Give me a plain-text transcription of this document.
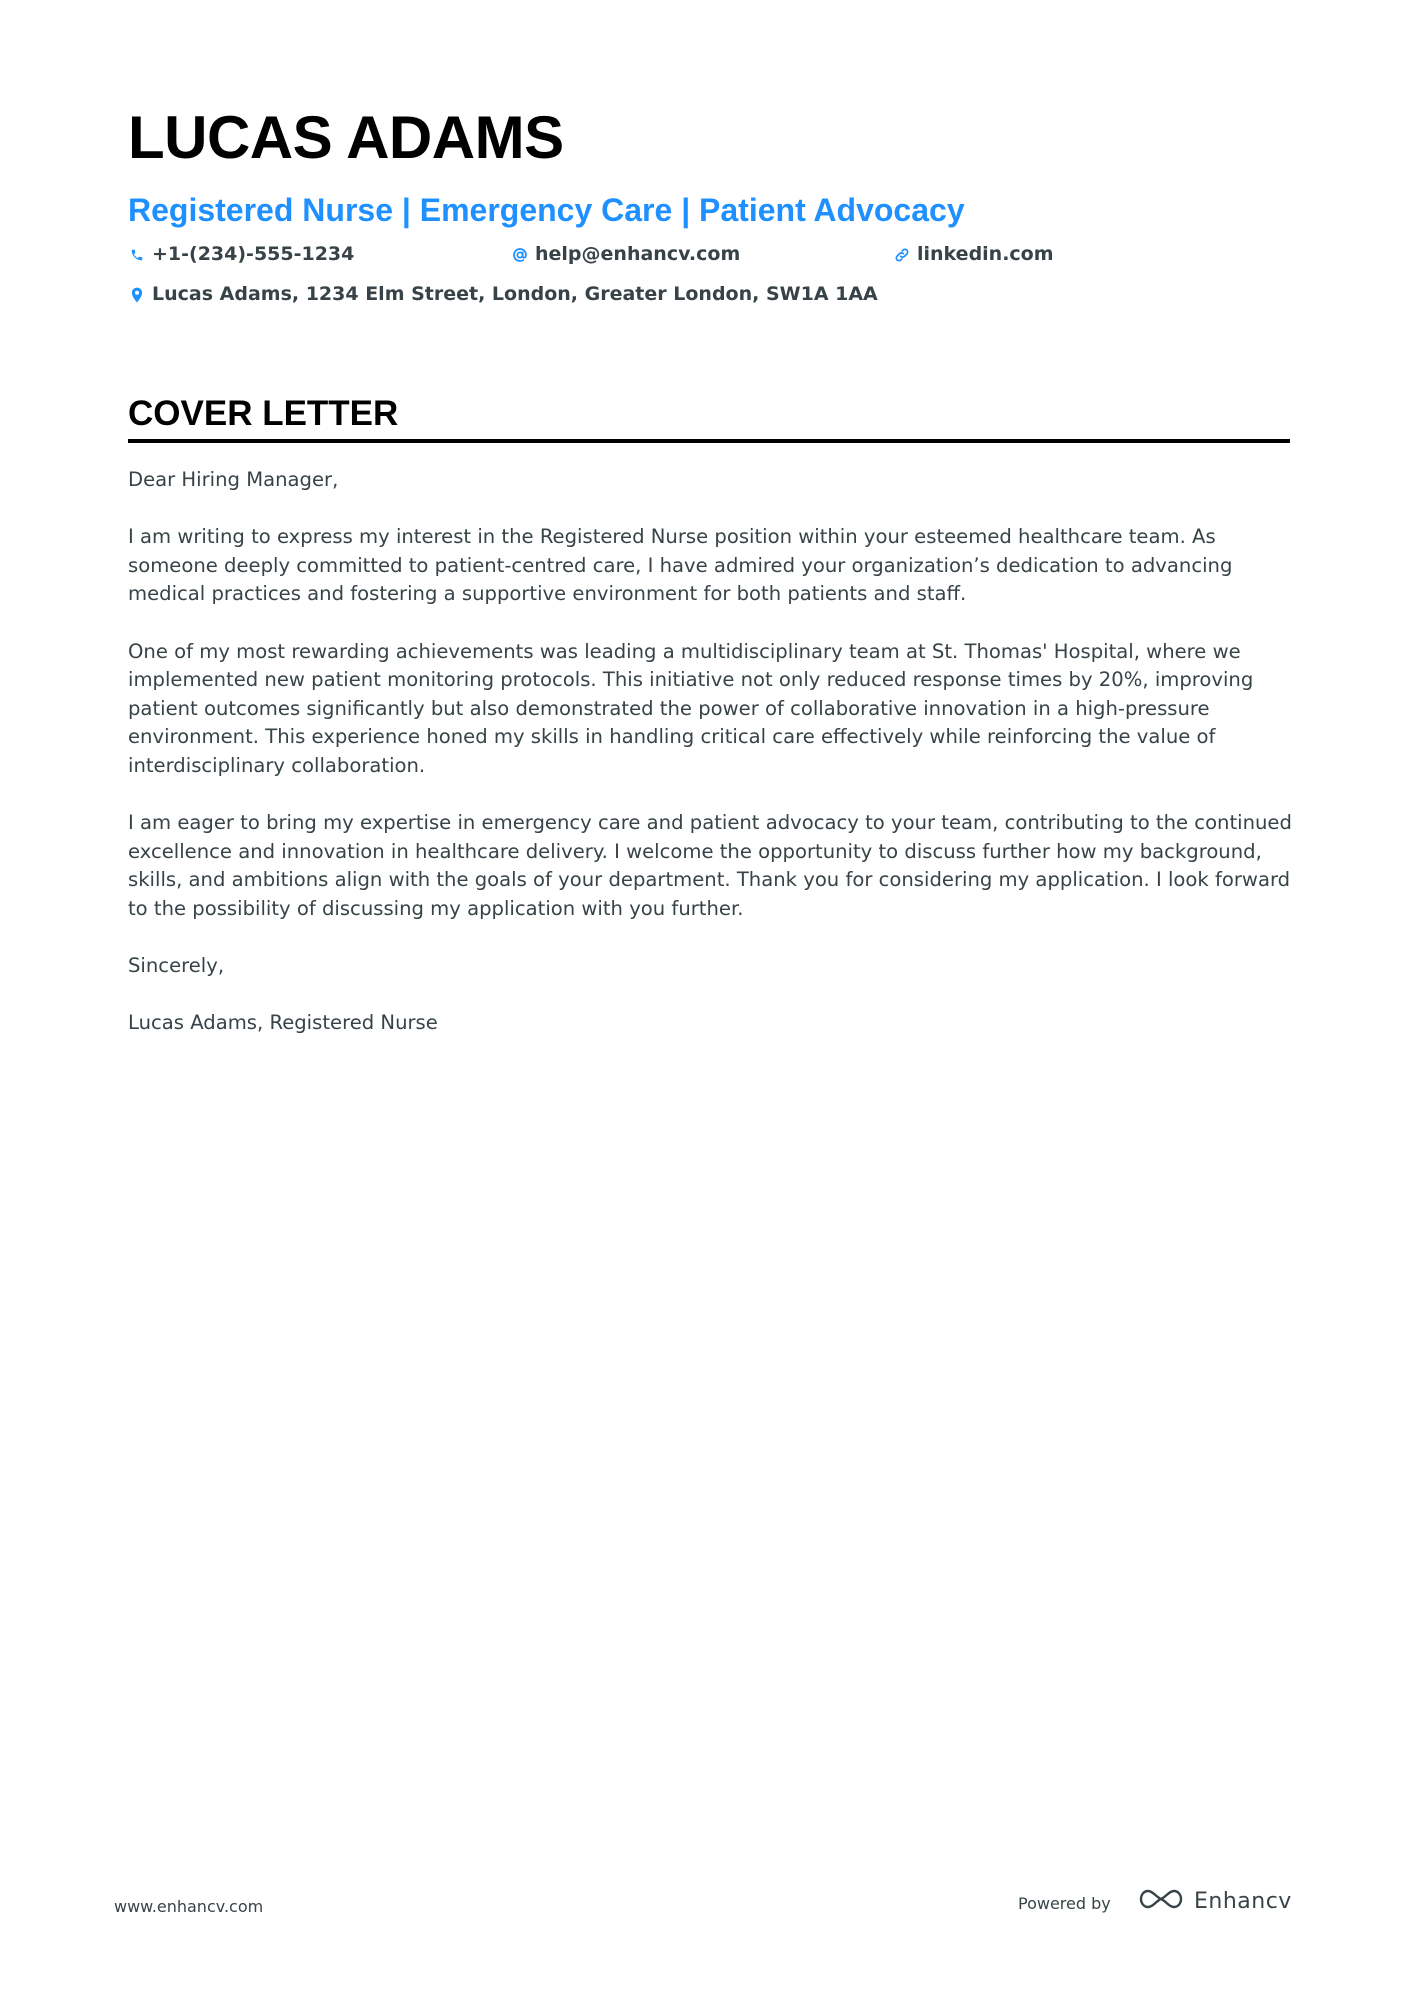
LUCAS ADAMS
Registered Nurse | Emergency Care | Patient Advocacy
+1-(234)-555-1234	help@enhancv.com	linkedin.com
Lucas Adams, 1234 Elm Street, London, Greater London, SW1A 1AA
COVER LETTER

Dear Hiring Manager,

I am writing to express my interest in the Registered Nurse position within your esteemed healthcare team. As someone deeply committed to patient-centred care, I have admired your organization’s dedication to advancing medical practices and fostering a supportive environment for both patients and staff.

One of my most rewarding achievements was leading a multidisciplinary team at St. Thomas' Hospital, where we implemented new patient monitoring protocols. This initiative not only reduced response times by 20%, improving patient outcomes significantly but also demonstrated the power of collaborative innovation in a high-pressure environment. This experience honed my skills in handling critical care effectively while reinforcing the value of interdisciplinary collaboration.

I am eager to bring my expertise in emergency care and patient advocacy to your team, contributing to the continued excellence and innovation in healthcare delivery. I welcome the opportunity to discuss further how my background, skills, and ambitions align with the goals of your department. Thank you for considering my application. I look forward to the possibility of discussing my application with you further.

Sincerely,

Lucas Adams, Registered Nurse

www.enhancv.com	Powered by	Enhancv
